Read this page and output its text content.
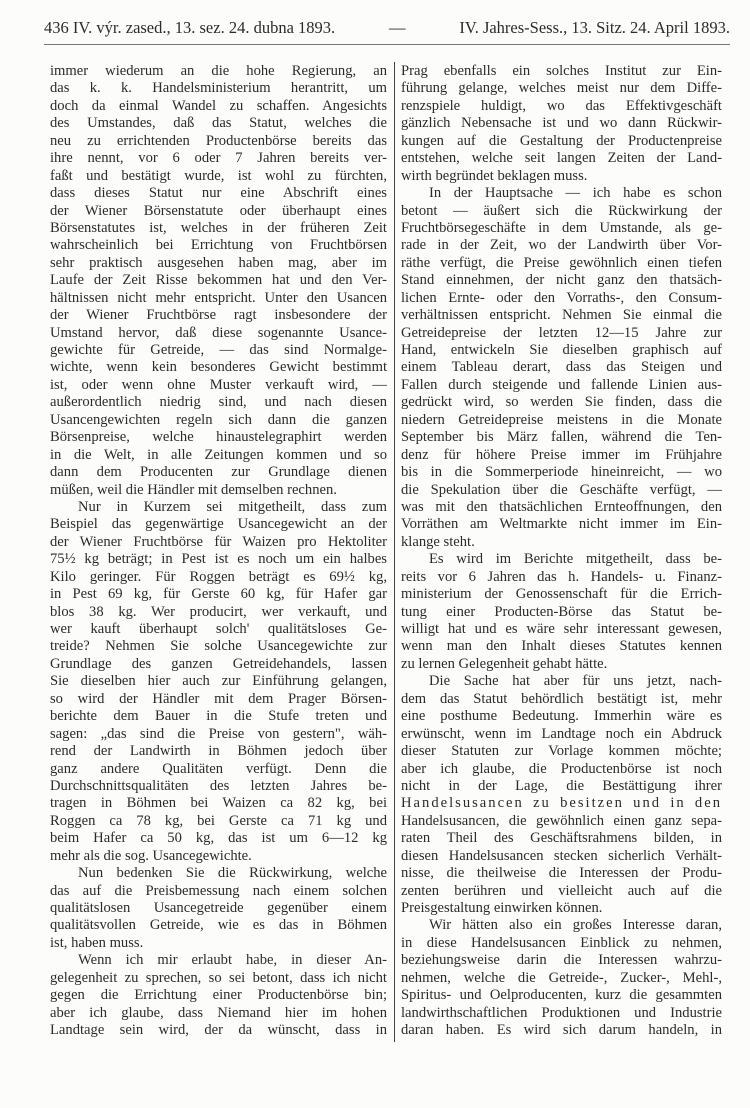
436 IV. výr. zased., 13. sez. 24. dubna 1893.	—	IV. Jahres-Sess., 13. Sitz. 24. April 1893.
immer wiederum an die hohe Regierung, an
das k. k. Handelsministerium herantritt, um
doch da einmal Wandel zu schaffen. Angesichts
des Umstandes, daß das Statut, welches die
neu zu errichtenden Productenbörse bereits das
ihre nennt, vor 6 oder 7 Jahren bereits ver-
faßt und bestätigt wurde, ist wohl zu fürchten,
dass dieses Statut nur eine Abschrift eines
der Wiener Börsenstatute oder überhaupt eines
Börsenstatutes ist, welches in der früheren Zeit
wahrscheinlich bei Errichtung von Fruchtbörsen
sehr praktisch ausgesehen haben mag, aber im
Laufe der Zeit Risse bekommen hat und den Ver-
hältnissen nicht mehr entspricht. Unter den Usancen
der Wiener Fruchtbörse ragt insbesondere der
Umstand hervor, daß diese sogenannte Usance-
gewichte für Getreide, — das sind Normalge-
wichte, wenn kein besonderes Gewicht bestimmt
ist, oder wenn ohne Muster verkauft wird, —
außerordentlich niedrig sind, und nach diesen
Usancengewichten regeln sich dann die ganzen
Börsenpreise, welche hinaustelegraphirt werden
in die Welt, in alle Zeitungen kommen und so
dann dem Producenten zur Grundlage dienen
müßen, weil die Händler mit demselben rechnen.
Nur in Kurzem sei mitgetheilt, dass zum
Beispiel das gegenwärtige Usancegewicht an der
der Wiener Fruchtbörse für Waizen pro Hektoliter
75½ kg beträgt; in Pest ist es noch um ein halbes
Kilo geringer. Für Roggen beträgt es 69½ kg,
in Pest 69 kg, für Gerste 60 kg, für Hafer gar
blos 38 kg. Wer producirt, wer verkauft, und
wer kauft überhaupt solch' qualitätsloses Ge-
treide? Nehmen Sie solche Usancegewichte zur
Grundlage des ganzen Getreidehandels, lassen
Sie dieselben hier auch zur Einführung gelangen,
so wird der Händler mit dem Prager Börsen-
berichte dem Bauer in die Stufe treten und
sagen: „das sind die Preise von gestern", wäh-
rend der Landwirth in Böhmen jedoch über
ganz andere Qualitäten verfügt. Denn die
Durchschnittsqualitäten des letzten Jahres be-
tragen in Böhmen bei Waizen ca 82 kg, bei
Roggen ca 78 kg, bei Gerste ca 71 kg und
beim Hafer ca 50 kg, das ist um 6—12 kg
mehr als die sog. Usancegewichte.
Nun bedenken Sie die Rückwirkung, welche
das auf die Preisbemessung nach einem solchen
qualitätslosen Usancegetreide gegenüber einem
qualitätsvollen Getreide, wie es das in Böhmen
ist, haben muss.
Wenn ich mir erlaubt habe, in dieser An-
gelegenheit zu sprechen, so sei betont, dass ich nicht
gegen die Errichtung einer Productenbörse bin;
aber ich glaube, dass Niemand hier im hohen
Landtage sein wird, der da wünscht, dass in
Prag ebenfalls ein solches Institut zur Ein-
führung gelange, welches meist nur dem Diffe-
renzspiele huldigt, wo das Effektivgeschäft
gänzlich Nebensache ist und wo dann Rückwir-
kungen auf die Gestaltung der Productenpreise
entstehen, welche seit langen Zeiten der Land-
wirth begründet beklagen muss.
In der Hauptsache — ich habe es schon
betont — äußert sich die Rückwirkung der
Fruchtbörsegeschäfte in dem Umstande, als ge-
rade in der Zeit, wo der Landwirth über Vor-
räthe verfügt, die Preise gewöhnlich einen tiefen
Stand einnehmen, der nicht ganz den thatsäch-
lichen Ernte- oder den Vorraths-, den Consum-
verhältnissen entspricht. Nehmen Sie einmal die
Getreidepreise der letzten 12—15 Jahre zur
Hand, entwickeln Sie dieselben graphisch auf
einem Tableau derart, dass das Steigen und
Fallen durch steigende und fallende Linien aus-
gedrückt wird, so werden Sie finden, dass die
niedern Getreidepreise meistens in die Monate
September bis März fallen, während die Ten-
denz für höhere Preise immer im Frühjahre
bis in die Sommerperiode hineinreicht, — wo
die Spekulation über die Geschäfte verfügt, —
was mit den thatsächlichen Ernteoffnungen, den
Vorräthen am Weltmarkte nicht immer im Ein-
klange steht.
Es wird im Berichte mitgetheilt, dass be-
reits vor 6 Jahren das h. Handels- u. Finanz-
ministerium der Genossenschaft für die Errich-
tung einer Producten-Börse das Statut be-
willigt hat und es wäre sehr interessant gewesen,
wenn man den Inhalt dieses Statutes kennen
zu lernen Gelegenheit gehabt hätte.
Die Sache hat aber für uns jetzt, nach-
dem das Statut behördlich bestätigt ist, mehr
eine posthume Bedeutung. Immerhin wäre es
erwünscht, wenn im Landtage noch ein Abdruck
dieser Statuten zur Vorlage kommen möchte;
aber ich glaube, die Productenbörse ist noch
nicht in der Lage, die Bestättigung ihrer
Handelsusancen zu besitzen und in den
Handelsusancen, die gewöhnlich einen ganz sepa-
raten Theil des Geschäftsrahmens bilden, in
diesen Handelsusancen stecken sicherlich Verhält-
nisse, die theilweise die Interessen der Produ-
zenten berühren und vielleicht auch auf die
Preisgestaltung einwirken können.
Wir hätten also ein großes Interesse daran,
in diese Handelsusancen Einblick zu nehmen,
beziehungsweise darin die Interessen wahrzu-
nehmen, welche die Getreide-, Zucker-, Mehl-,
Spiritus- und Oelproducenten, kurz die gesammten
landwirthschaftlichen Produktionen und Industrie
daran haben. Es wird sich darum handeln, in
